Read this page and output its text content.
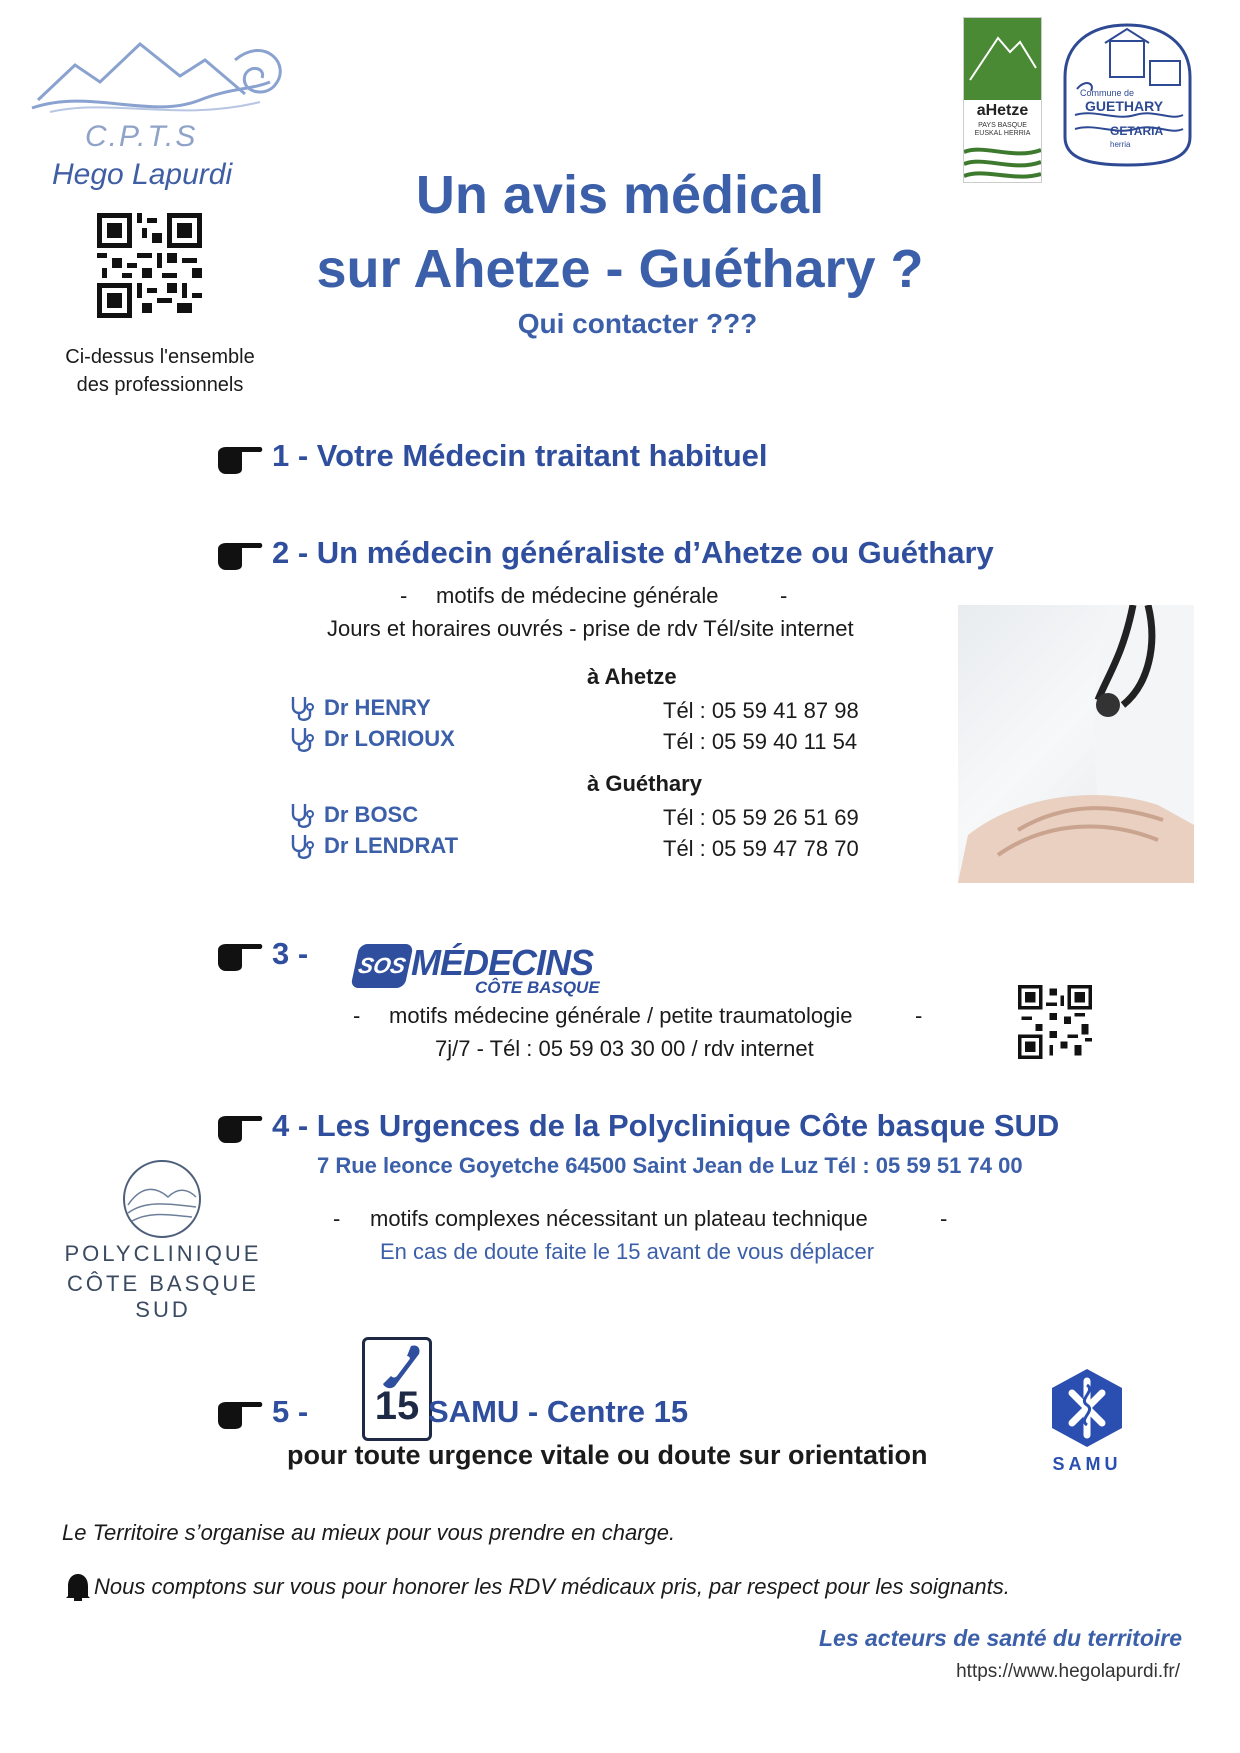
C.P.T.S
Hego Lapurdi
Ci-dessus l'ensemble
des professionnels
aHetze
PAYS BASQUE
EUSKAL HERRIA
Commune de
GUETHARY
GETARIA
herria
Un avis médical
sur Ahetze - Guéthary ?
Qui contacter ???
1 - Votre Médecin traitant habituel
2 - Un médecin généraliste d’Ahetze ou Guéthary
- motifs de médecine générale	-
Jours et horaires ouvrés - prise de rdv Tél/site internet
à Ahetze
Dr HENRY	Tél : 05 59 41 87 98
Dr LORIOUX	Tél : 05 59 40 11 54
à Guéthary
Dr BOSC	Tél : 05 59 26 51 69
Dr LENDRAT	Tél : 05 59 47 78 70
3 - SOS MÉDECINS
CÔTE BASQUE
- motifs médecine générale / petite traumatologie	-
7j/7 - Tél : 05 59 03 30 00 / rdv internet
4 - Les Urgences de la Polyclinique Côte basque SUD
7 Rue leonce Goyetche 64500 Saint Jean de Luz Tél : 05 59 51 74 00
POLYCLINIQUE
CÔTE BASQUE SUD
- motifs complexes nécessitant un plateau technique	-
En cas de doute faite le 15 avant de vous déplacer
5 - 15 SAMU - Centre 15
pour toute urgence vitale ou doute sur orientation	SAMU
Le Territoire s’organise au mieux pour vous prendre en charge.
Nous comptons sur vous pour honorer les RDV médicaux pris, par respect pour les soignants.
Les acteurs de santé du territoire
https://www.hegolapurdi.fr/
